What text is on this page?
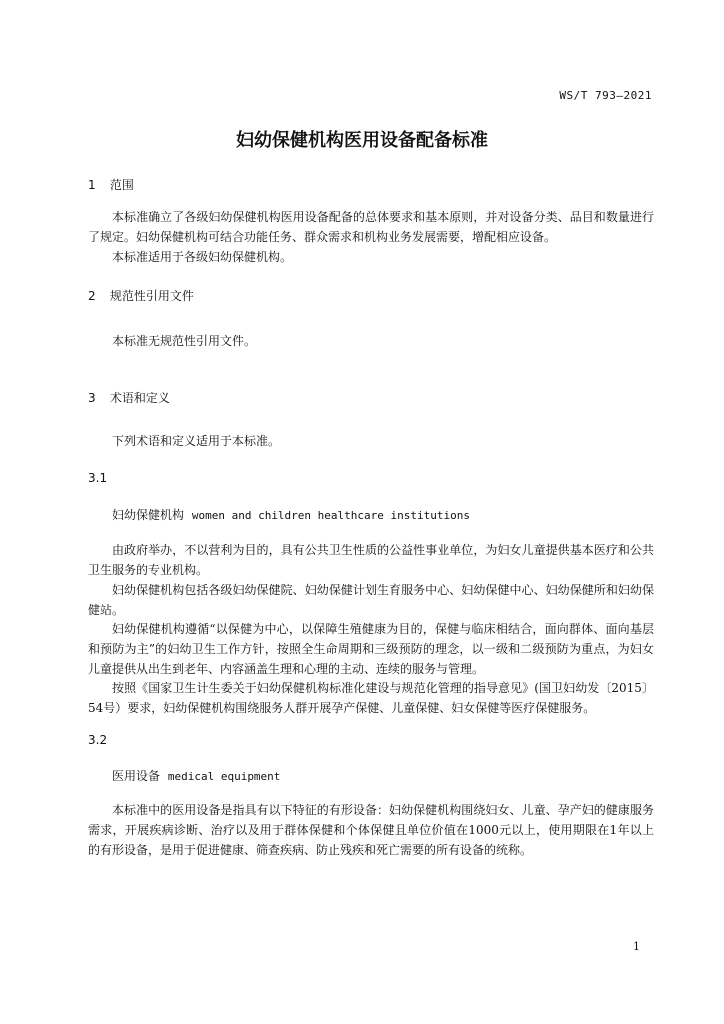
WS/T 793—2021
妇幼保健机构医用设备配备标准
1 范围
本标准确立了各级妇幼保健机构医用设备配备的总体要求和基本原则，并对设备分类、品目和数量进行了规定。妇幼保健机构可结合功能任务、群众需求和机构业务发展需要，增配相应设备。
本标准适用于各级妇幼保健机构。
2 规范性引用文件
本标准无规范性引用文件。
3 术语和定义
下列术语和定义适用于本标准。
3.1
妇幼保健机构 women and children healthcare institutions
由政府举办，不以营利为目的，具有公共卫生性质的公益性事业单位，为妇女儿童提供基本医疗和公共卫生服务的专业机构。
妇幼保健机构包括各级妇幼保健院、妇幼保健计划生育服务中心、妇幼保健中心、妇幼保健所和妇幼保健站。
妇幼保健机构遵循“以保健为中心，以保障生殖健康为目的，保健与临床相结合，面向群体、面向基层和预防为主”的妇幼卫生工作方针，按照全生命周期和三级预防的理念，以一级和二级预防为重点，为妇女儿童提供从出生到老年、内容涵盖生理和心理的主动、连续的服务与管理。
按照《国家卫生计生委关于妇幼保健机构标准化建设与规范化管理的指导意见》(国卫妇幼发〔2015〕54号）要求，妇幼保健机构围绕服务人群开展孕产保健、儿童保健、妇女保健等医疗保健服务。
3.2
医用设备 medical equipment
本标准中的医用设备是指具有以下特征的有形设备：妇幼保健机构围绕妇女、儿童、孕产妇的健康服务需求，开展疾病诊断、治疗以及用于群体保健和个体保健且单位价值在1000元以上，使用期限在1年以上的有形设备，是用于促进健康、筛查疾病、防止残疾和死亡需要的所有设备的统称。
1
